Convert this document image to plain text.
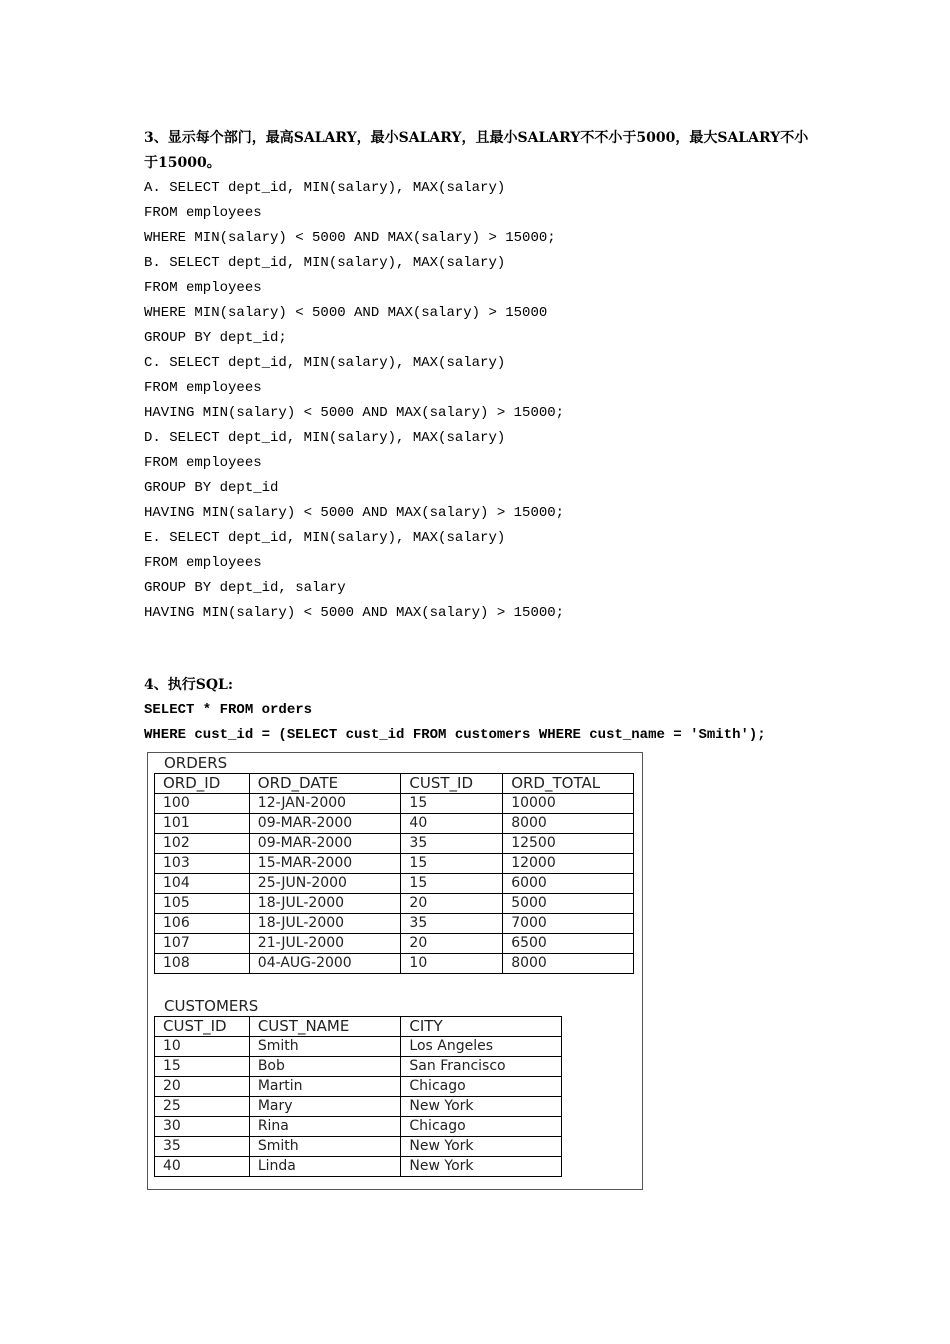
3、显示每个部门，最高SALARY，最小SALARY，且最小SALARY不不小于5000，最大SALARY不小于15000。
A. SELECT dept_id, MIN(salary), MAX(salary)
FROM employees
WHERE MIN(salary) < 5000 AND MAX(salary) > 15000;
B. SELECT dept_id, MIN(salary), MAX(salary)
FROM employees
WHERE MIN(salary) < 5000 AND MAX(salary) > 15000
GROUP BY dept_id;
C. SELECT dept_id, MIN(salary), MAX(salary)
FROM employees
HAVING MIN(salary) < 5000 AND MAX(salary) > 15000;
D. SELECT dept_id, MIN(salary), MAX(salary)
FROM employees
GROUP BY dept_id
HAVING MIN(salary) < 5000 AND MAX(salary) > 15000;
E. SELECT dept_id, MIN(salary), MAX(salary)
FROM employees
GROUP BY dept_id, salary
HAVING MIN(salary) < 5000 AND MAX(salary) > 15000;
4、执行SQL:
SELECT * FROM orders
WHERE cust_id = (SELECT cust_id FROM customers WHERE cust_name = 'Smith');
ORDERS
ORD_ID	ORD_DATE	CUST_ID	ORD_TOTAL
100	12-JAN-2000	15	10000
101	09-MAR-2000	40	8000
102	09-MAR-2000	35	12500
103	15-MAR-2000	15	12000
104	25-JUN-2000	15	6000
105	18-JUL-2000	20	5000
106	18-JUL-2000	35	7000
107	21-JUL-2000	20	6500
108	04-AUG-2000	10	8000
CUSTOMERS
CUST_ID	CUST_NAME	CITY
10	Smith	Los Angeles
15	Bob	San Francisco
20	Martin	Chicago
25	Mary	New York
30	Rina	Chicago
35	Smith	New York
40	Linda	New York
